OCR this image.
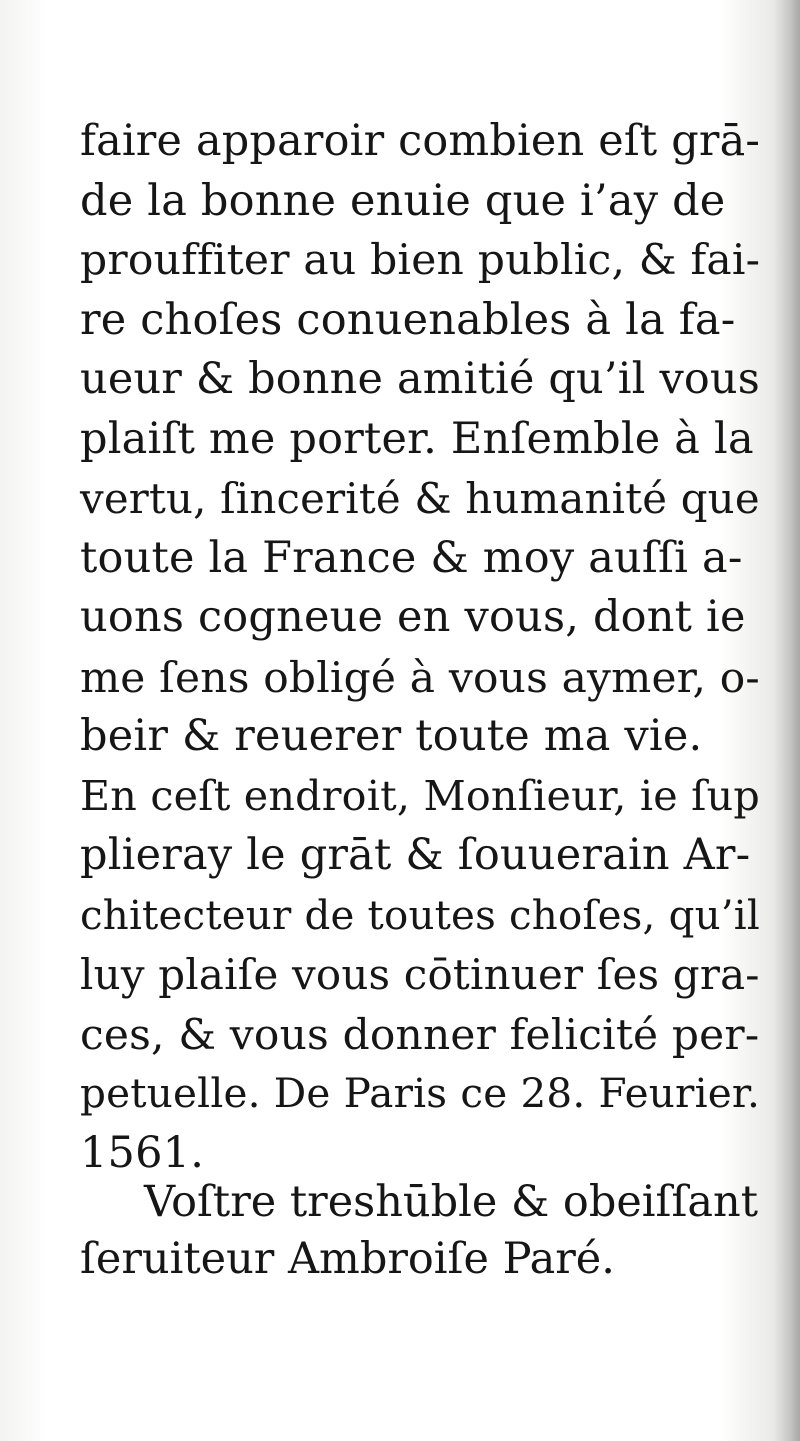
faire apparoir combien eſt grā-
de la bonne enuie que i’ay de
prouffiter au bien public, & fai-
re choſes conuenables à la fa-
ueur & bonne amitié qu’il vous
plaiſt me porter. Enſemble à la
vertu, ſincerité & humanité que
toute la France & moy auſſi a-
uons cogneue en vous, dont ie
me ſens obligé à vous aymer, o-
beir & reuerer toute ma vie.
En ceſt endroit, Monſieur, ie ſup
plieray le grāt & ſouuerain Ar-
chitecteur de toutes choſes, qu’il
luy plaiſe vous cōtinuer ſes gra-
ces, & vous donner felicité per-
petuelle. De Paris ce 28. Feurier.
1561.
Voſtre treshūble & obeiſſant
ſeruiteur Ambroiſe Paré.
